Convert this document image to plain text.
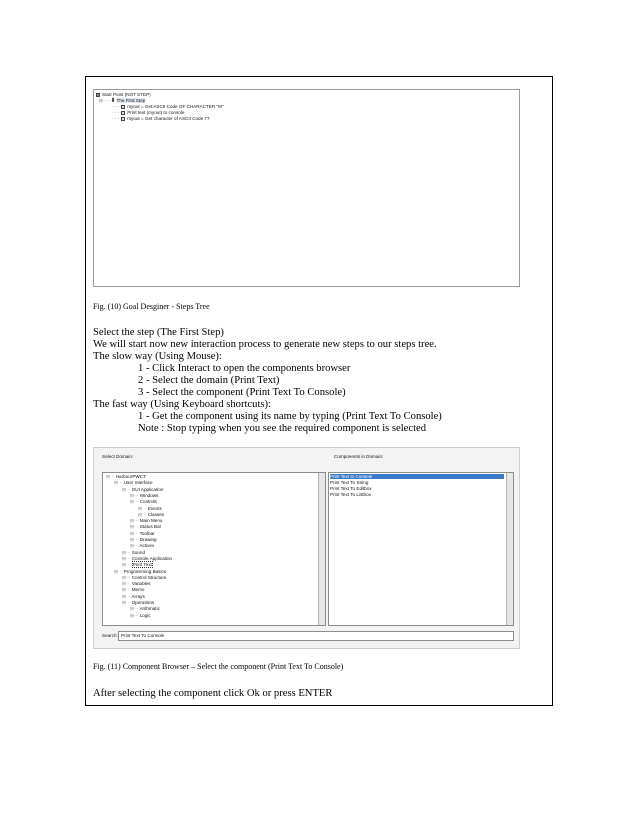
Start Point (NOT STEP)
⊟·····⬇The First Step
······ myout = Get ASCII Code OF CHARACTER "M"
······ Print text (myout) to console
······ myout = Get character of ASCII Code 77
Fig. (10) Goal Desginer - Steps Tree
Select the step (The First Step)
We will start now new interaction process to generate new steps to our steps tree.
The slow way (Using Mouse):
1 - Click Interact to open the components browser
2 - Select the domain (Print Text)
3 - Select the component (Print Text To Console)
The fast way (Using Keyboard shortcuts):
1 - Get the component using its name by typing (Print Text To Console)
Note : Stop typing when you see the required component is selected
Select Domain:	Components in Domain:
⊟··· HarbourPWCT
⊟··· User Interface
⊟··· GUI Application
⊟··· Windows
⊟··· Controls
⊟··· Events
⊟··· Classes
⊟··· Main Menu
⊟··· Status Bar
⊟··· Toolbar
⊟··· Drawing
⊟··· Activex
⊟··· Sound
⊟··· Console Application
⊟··· Print Text
⊟··· Programming Basics
⊟··· Control Structure
⊟··· Variables
⊟··· Memo
⊟··· Arrays
⊟··· Operations
⊟··· Arithmatic
⊟··· Logic
Print Text to Console
Print Text To String
Print Text To Editbox
Print Text To Listbox
Search: Print Text To Console
Fig. (11) Component Browser – Select the component (Print Text To Console)
After selecting the component click Ok or press ENTER
